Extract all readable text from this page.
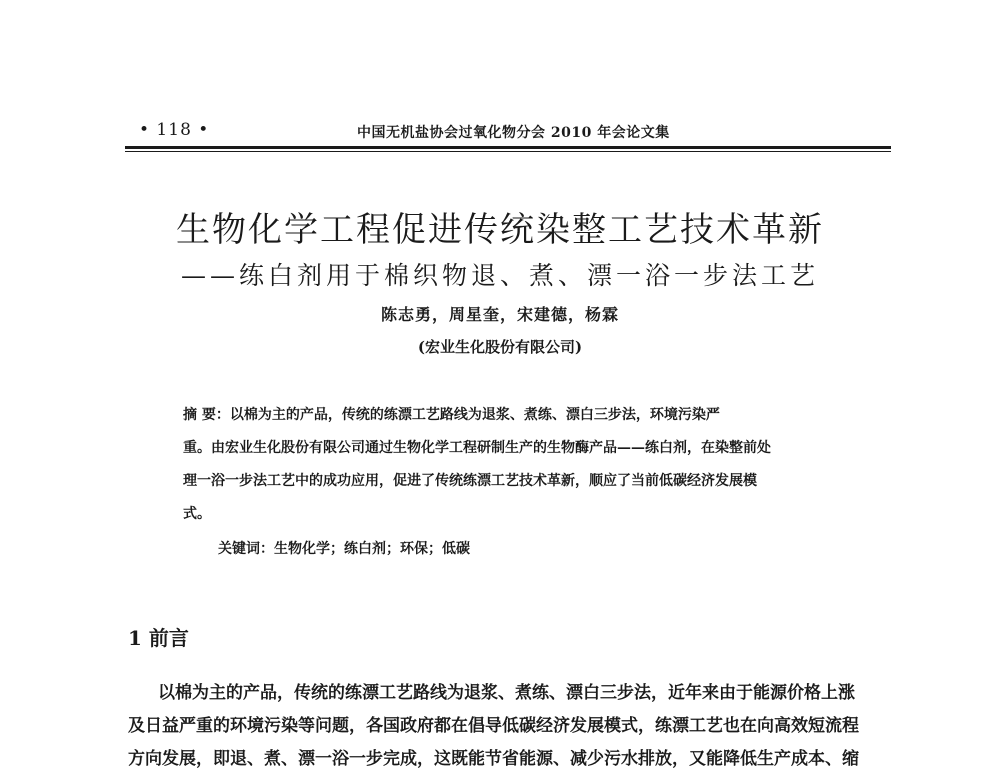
• 118 •	中国无机盐协会过氧化物分会 2010 年会论文集
生物化学工程促进传统染整工艺技术革新
——练白剂用于棉织物退、煮、漂一浴一步法工艺
陈志勇，周星奎，宋建德，杨霖
(宏业生化股份有限公司)
摘 要：以棉为主的产品，传统的练漂工艺路线为退浆、煮练、漂白三步法，环境污染严
重。由宏业生化股份有限公司通过生物化学工程研制生产的生物酶产品——练白剂，在染整前处
理一浴一步法工艺中的成功应用，促进了传统练漂工艺技术革新，顺应了当前低碳经济发展模
式。
关键词：生物化学；练白剂；环保；低碳
1 前言
以棉为主的产品，传统的练漂工艺路线为退浆、煮练、漂白三步法，近年来由于能源价格上涨
及日益严重的环境污染等问题，各国政府都在倡导低碳经济发展模式，练漂工艺也在向高效短流程
方向发展，即退、煮、漂一浴一步完成，这既能节省能源、减少污水排放，又能降低生产成本、缩
